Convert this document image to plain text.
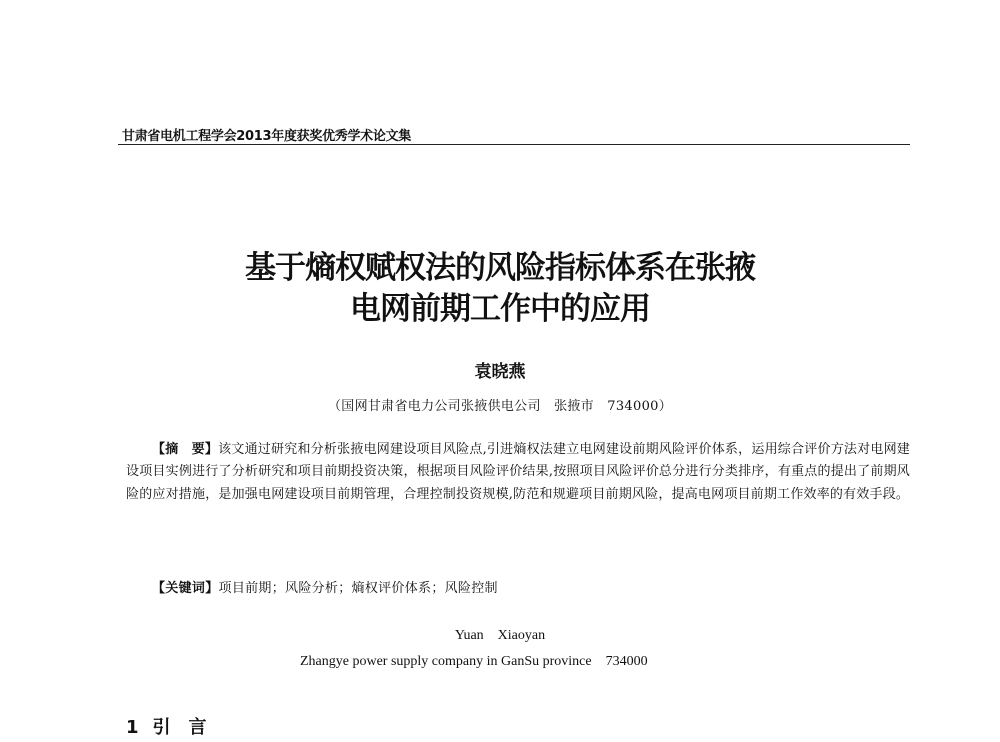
甘肃省电机工程学会2013年度获奖优秀学术论文集
基于熵权赋权法的风险指标体系在张掖
电网前期工作中的应用
袁晓燕
（国网甘肃省电力公司张掖供电公司　张掖市　734000）
【摘　要】该文通过研究和分析张掖电网建设项目风险点,引进熵权法建立电网建设前期风险评价体系，运用综合评价方法对电网建设项目实例进行了分析研究和项目前期投资决策，根据项目风险评价结果,按照项目风险评价总分进行分类排序，有重点的提出了前期风险的应对措施，是加强电网建设项目前期管理，合理控制投资规模,防范和规避项目前期风险，提高电网项目前期工作效率的有效手段。
【关键词】项目前期；风险分析；熵权评价体系；风险控制
Yuan　Xiaoyan
Zhangye power supply company in GanSu province　734000
1 引　言
